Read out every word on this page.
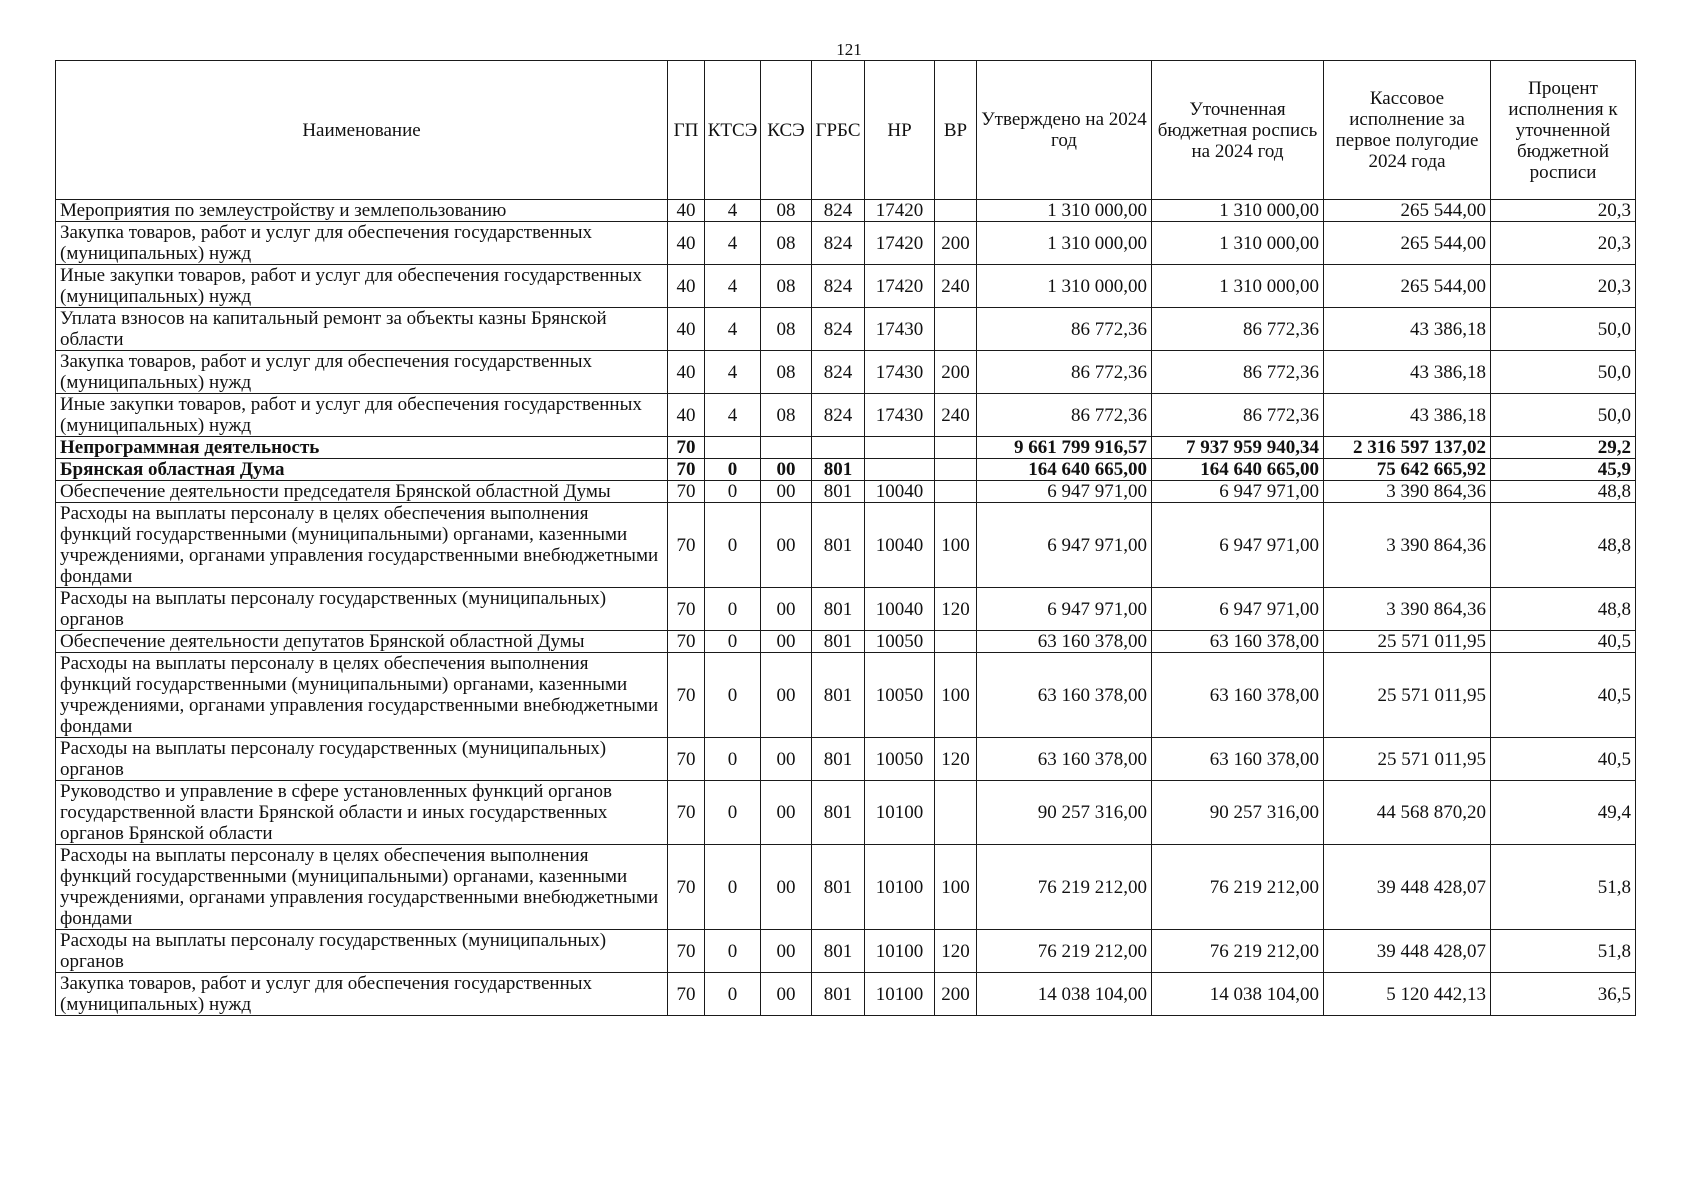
121
Наименование	ГП	КТСЭ	КСЭ	ГРБС	НР	ВР	Утверждено на 2024 год	Уточненная бюджетная роспись на 2024 год	Кассовое исполнение за первое полугодие 2024 года	Процент исполнения к уточненной бюджетной росписи
Мероприятия по землеустройству и землепользованию	40	4	08	824	17420		1 310 000,00	1 310 000,00	265 544,00	20,3
Закупка товаров, работ и услуг для обеспечения государственных (муниципальных) нужд	40	4	08	824	17420	200	1 310 000,00	1 310 000,00	265 544,00	20,3
Иные закупки товаров, работ и услуг для обеспечения государственных (муниципальных) нужд	40	4	08	824	17420	240	1 310 000,00	1 310 000,00	265 544,00	20,3
Уплата взносов на капитальный ремонт за объекты казны Брянской области	40	4	08	824	17430		86 772,36	86 772,36	43 386,18	50,0
Закупка товаров, работ и услуг для обеспечения государственных (муниципальных) нужд	40	4	08	824	17430	200	86 772,36	86 772,36	43 386,18	50,0
Иные закупки товаров, работ и услуг для обеспечения государственных (муниципальных) нужд	40	4	08	824	17430	240	86 772,36	86 772,36	43 386,18	50,0
Непрограммная деятельность	70						9 661 799 916,57	7 937 959 940,34	2 316 597 137,02	29,2
Брянская областная Дума	70	0	00	801			164 640 665,00	164 640 665,00	75 642 665,92	45,9
Обеспечение деятельности председателя Брянской областной Думы	70	0	00	801	10040		6 947 971,00	6 947 971,00	3 390 864,36	48,8
Расходы на выплаты персоналу в целях обеспечения выполнения функций государственными (муниципальными) органами, казенными учреждениями, органами управления государственными внебюджетными фондами	70	0	00	801	10040	100	6 947 971,00	6 947 971,00	3 390 864,36	48,8
Расходы на выплаты персоналу государственных (муниципальных) органов	70	0	00	801	10040	120	6 947 971,00	6 947 971,00	3 390 864,36	48,8
Обеспечение деятельности депутатов Брянской областной Думы	70	0	00	801	10050		63 160 378,00	63 160 378,00	25 571 011,95	40,5
Расходы на выплаты персоналу в целях обеспечения выполнения функций государственными (муниципальными) органами, казенными учреждениями, органами управления государственными внебюджетными фондами	70	0	00	801	10050	100	63 160 378,00	63 160 378,00	25 571 011,95	40,5
Расходы на выплаты персоналу государственных (муниципальных) органов	70	0	00	801	10050	120	63 160 378,00	63 160 378,00	25 571 011,95	40,5
Руководство и управление в сфере установленных функций органов государственной власти Брянской области и иных государственных органов Брянской области	70	0	00	801	10100		90 257 316,00	90 257 316,00	44 568 870,20	49,4
Расходы на выплаты персоналу в целях обеспечения выполнения функций государственными (муниципальными) органами, казенными учреждениями, органами управления государственными внебюджетными фондами	70	0	00	801	10100	100	76 219 212,00	76 219 212,00	39 448 428,07	51,8
Расходы на выплаты персоналу государственных (муниципальных) органов	70	0	00	801	10100	120	76 219 212,00	76 219 212,00	39 448 428,07	51,8
Закупка товаров, работ и услуг для обеспечения государственных (муниципальных) нужд	70	0	00	801	10100	200	14 038 104,00	14 038 104,00	5 120 442,13	36,5
